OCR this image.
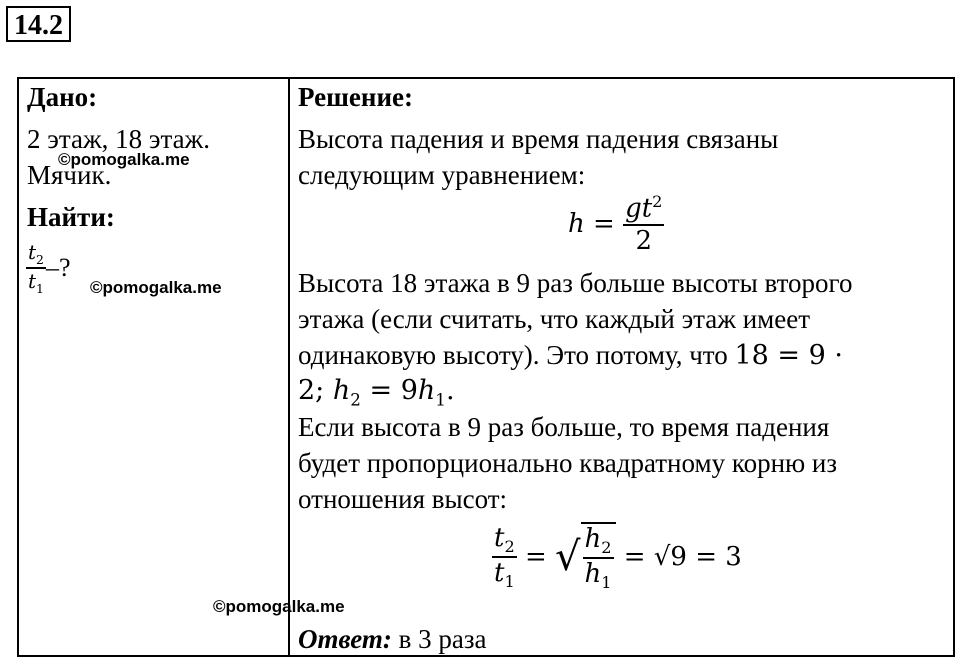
14.2
Дано:
2 этаж, 18 этаж.
Мячик.
Найти:
$\frac{t_2}{t_1}$ –?
©pomogalka.me
©pomogalka.me
©pomogalka.me
Решение:
Высота падения и время падения связаны
следующим уравнением:
$h = \frac{gt^2}{2}$
Высота 18 этажа в 9 раз больше высоты второго
этажа (если считать, что каждый этаж имеет
одинаковую высоту). Это потому, что 18 = 9 ·
2; $h_2 = 9h_1$.
Если высота в 9 раз больше, то время падения
будет пропорционально квадратному корню из
отношения высот:
$\frac{t_2}{t_1}$ = √ $\frac{h_2}{h_1} = √9 = 3$
Ответ: в 3 раза
